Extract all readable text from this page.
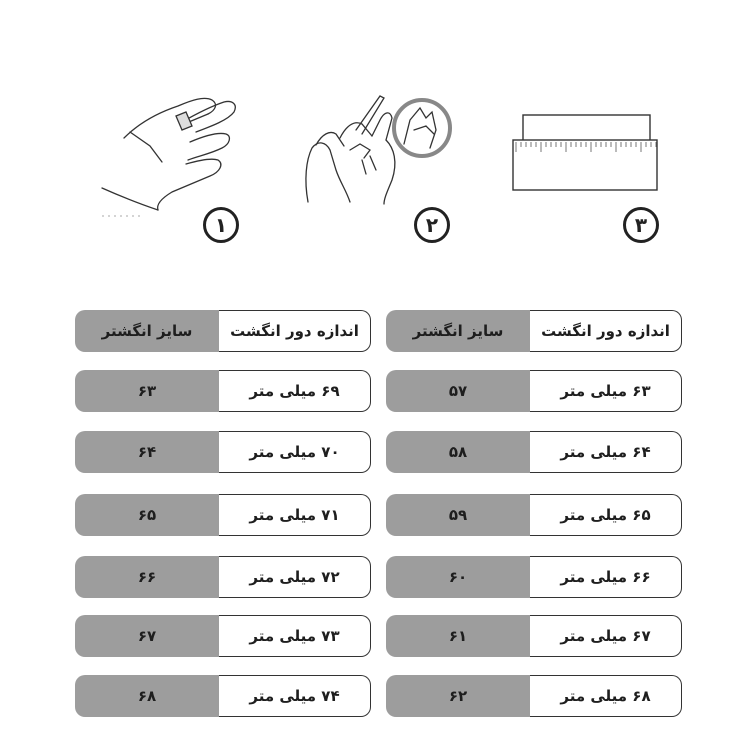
۳
۲
۱
سایز انگشتر	اندازه دور انگشت
۵۷	۶۳ میلی متر
۵۸	۶۴ میلی متر
۵۹	۶۵ میلی متر
۶۰	۶۶ میلی متر
۶۱	۶۷ میلی متر
۶۲	۶۸ میلی متر
سایز انگشتر	اندازه دور انگشت
۶۳	۶۹ میلی متر
۶۴	۷۰ میلی متر
۶۵	۷۱ میلی متر
۶۶	۷۲ میلی متر
۶۷	۷۳ میلی متر
۶۸	۷۴ میلی متر
